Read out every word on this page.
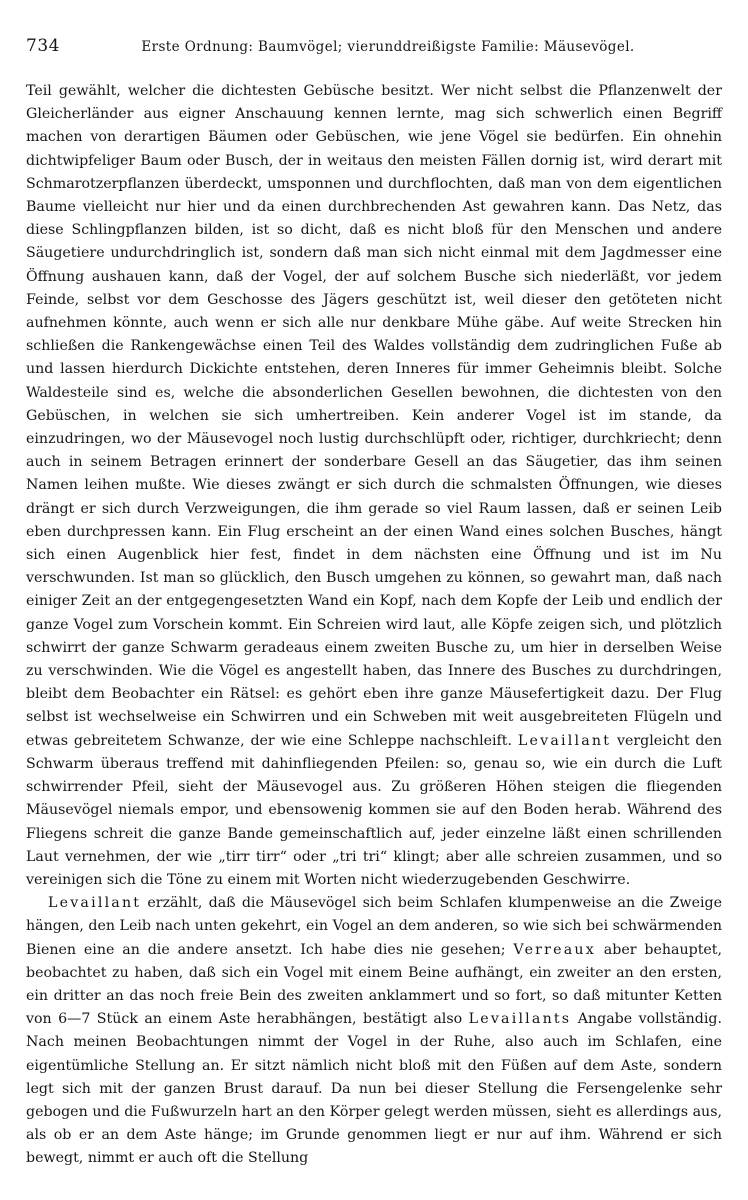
734	Erste Ordnung: Baumvögel; vierunddreißigste Familie: Mäusevögel.

Teil gewählt, welcher die dichtesten Gebüsche besitzt. Wer nicht selbst die Pflanzenwelt der Gleicherländer aus eigner Anschauung kennen lernte, mag sich schwerlich einen Begriff machen von derartigen Bäumen oder Gebüschen, wie jene Vögel sie bedürfen. Ein ohnehin dichtwipfeliger Baum oder Busch, der in weitaus den meisten Fällen dornig ist, wird derart mit Schmarotzerpflanzen überdeckt, umsponnen und durchflochten, daß man von dem eigentlichen Baume vielleicht nur hier und da einen durchbrechenden Ast gewahren kann. Das Netz, das diese Schlingpflanzen bilden, ist so dicht, daß es nicht bloß für den Menschen und andere Säugetiere undurchdringlich ist, sondern daß man sich nicht einmal mit dem Jagdmesser eine Öffnung aushauen kann, daß der Vogel, der auf solchem Busche sich niederläßt, vor jedem Feinde, selbst vor dem Geschosse des Jägers geschützt ist, weil dieser den getöteten nicht aufnehmen könnte, auch wenn er sich alle nur denkbare Mühe gäbe. Auf weite Strecken hin schließen die Rankengewächse einen Teil des Waldes vollständig dem zudringlichen Fuße ab und lassen hierdurch Dickichte entstehen, deren Inneres für immer Geheimnis bleibt. Solche Waldesteile sind es, welche die absonderlichen Gesellen bewohnen, die dichtesten von den Gebüschen, in welchen sie sich umhertreiben. Kein anderer Vogel ist im stande, da einzudringen, wo der Mäusevogel noch lustig durchschlüpft oder, richtiger, durchkriecht; denn auch in seinem Betragen erinnert der sonderbare Gesell an das Säugetier, das ihm seinen Namen leihen mußte. Wie dieses zwängt er sich durch die schmalsten Öffnungen, wie dieses drängt er sich durch Verzweigungen, die ihm gerade so viel Raum lassen, daß er seinen Leib eben durchpressen kann. Ein Flug erscheint an der einen Wand eines solchen Busches, hängt sich einen Augenblick hier fest, findet in dem nächsten eine Öffnung und ist im Nu verschwunden. Ist man so glücklich, den Busch umgehen zu können, so gewahrt man, daß nach einiger Zeit an der entgegengesetzten Wand ein Kopf, nach dem Kopfe der Leib und endlich der ganze Vogel zum Vorschein kommt. Ein Schreien wird laut, alle Köpfe zeigen sich, und plötzlich schwirrt der ganze Schwarm geradeaus einem zweiten Busche zu, um hier in derselben Weise zu verschwinden. Wie die Vögel es angestellt haben, das Innere des Busches zu durchdringen, bleibt dem Beobachter ein Rätsel: es gehört eben ihre ganze Mäusefertigkeit dazu. Der Flug selbst ist wechselweise ein Schwirren und ein Schweben mit weit ausgebreiteten Flügeln und etwas gebreitetem Schwanze, der wie eine Schleppe nachschleift. Levaillant vergleicht den Schwarm überaus treffend mit dahinfliegenden Pfeilen: so, genau so, wie ein durch die Luft schwirrender Pfeil, sieht der Mäusevogel aus. Zu größeren Höhen steigen die fliegenden Mäusevögel niemals empor, und ebensowenig kommen sie auf den Boden herab. Während des Fliegens schreit die ganze Bande gemeinschaftlich auf, jeder einzelne läßt einen schrillenden Laut vernehmen, der wie „tirr tirr“ oder „tri tri“ klingt; aber alle schreien zusammen, und so vereinigen sich die Töne zu einem mit Worten nicht wiederzugebenden Geschwirre.

Levaillant erzählt, daß die Mäusevögel sich beim Schlafen klumpenweise an die Zweige hängen, den Leib nach unten gekehrt, ein Vogel an dem anderen, so wie sich bei schwärmenden Bienen eine an die andere ansetzt. Ich habe dies nie gesehen; Verreaux aber behauptet, beobachtet zu haben, daß sich ein Vogel mit einem Beine aufhängt, ein zweiter an den ersten, ein dritter an das noch freie Bein des zweiten anklammert und so fort, so daß mitunter Ketten von 6—7 Stück an einem Aste herabhängen, bestätigt also Levaillants Angabe vollständig. Nach meinen Beobachtungen nimmt der Vogel in der Ruhe, also auch im Schlafen, eine eigentümliche Stellung an. Er sitzt nämlich nicht bloß mit den Füßen auf dem Aste, sondern legt sich mit der ganzen Brust darauf. Da nun bei dieser Stellung die Fersengelenke sehr gebogen und die Fußwurzeln hart an den Körper gelegt werden müssen, sieht es allerdings aus, als ob er an dem Aste hänge; im Grunde genommen liegt er nur auf ihm. Während er sich bewegt, nimmt er auch oft die Stellung
